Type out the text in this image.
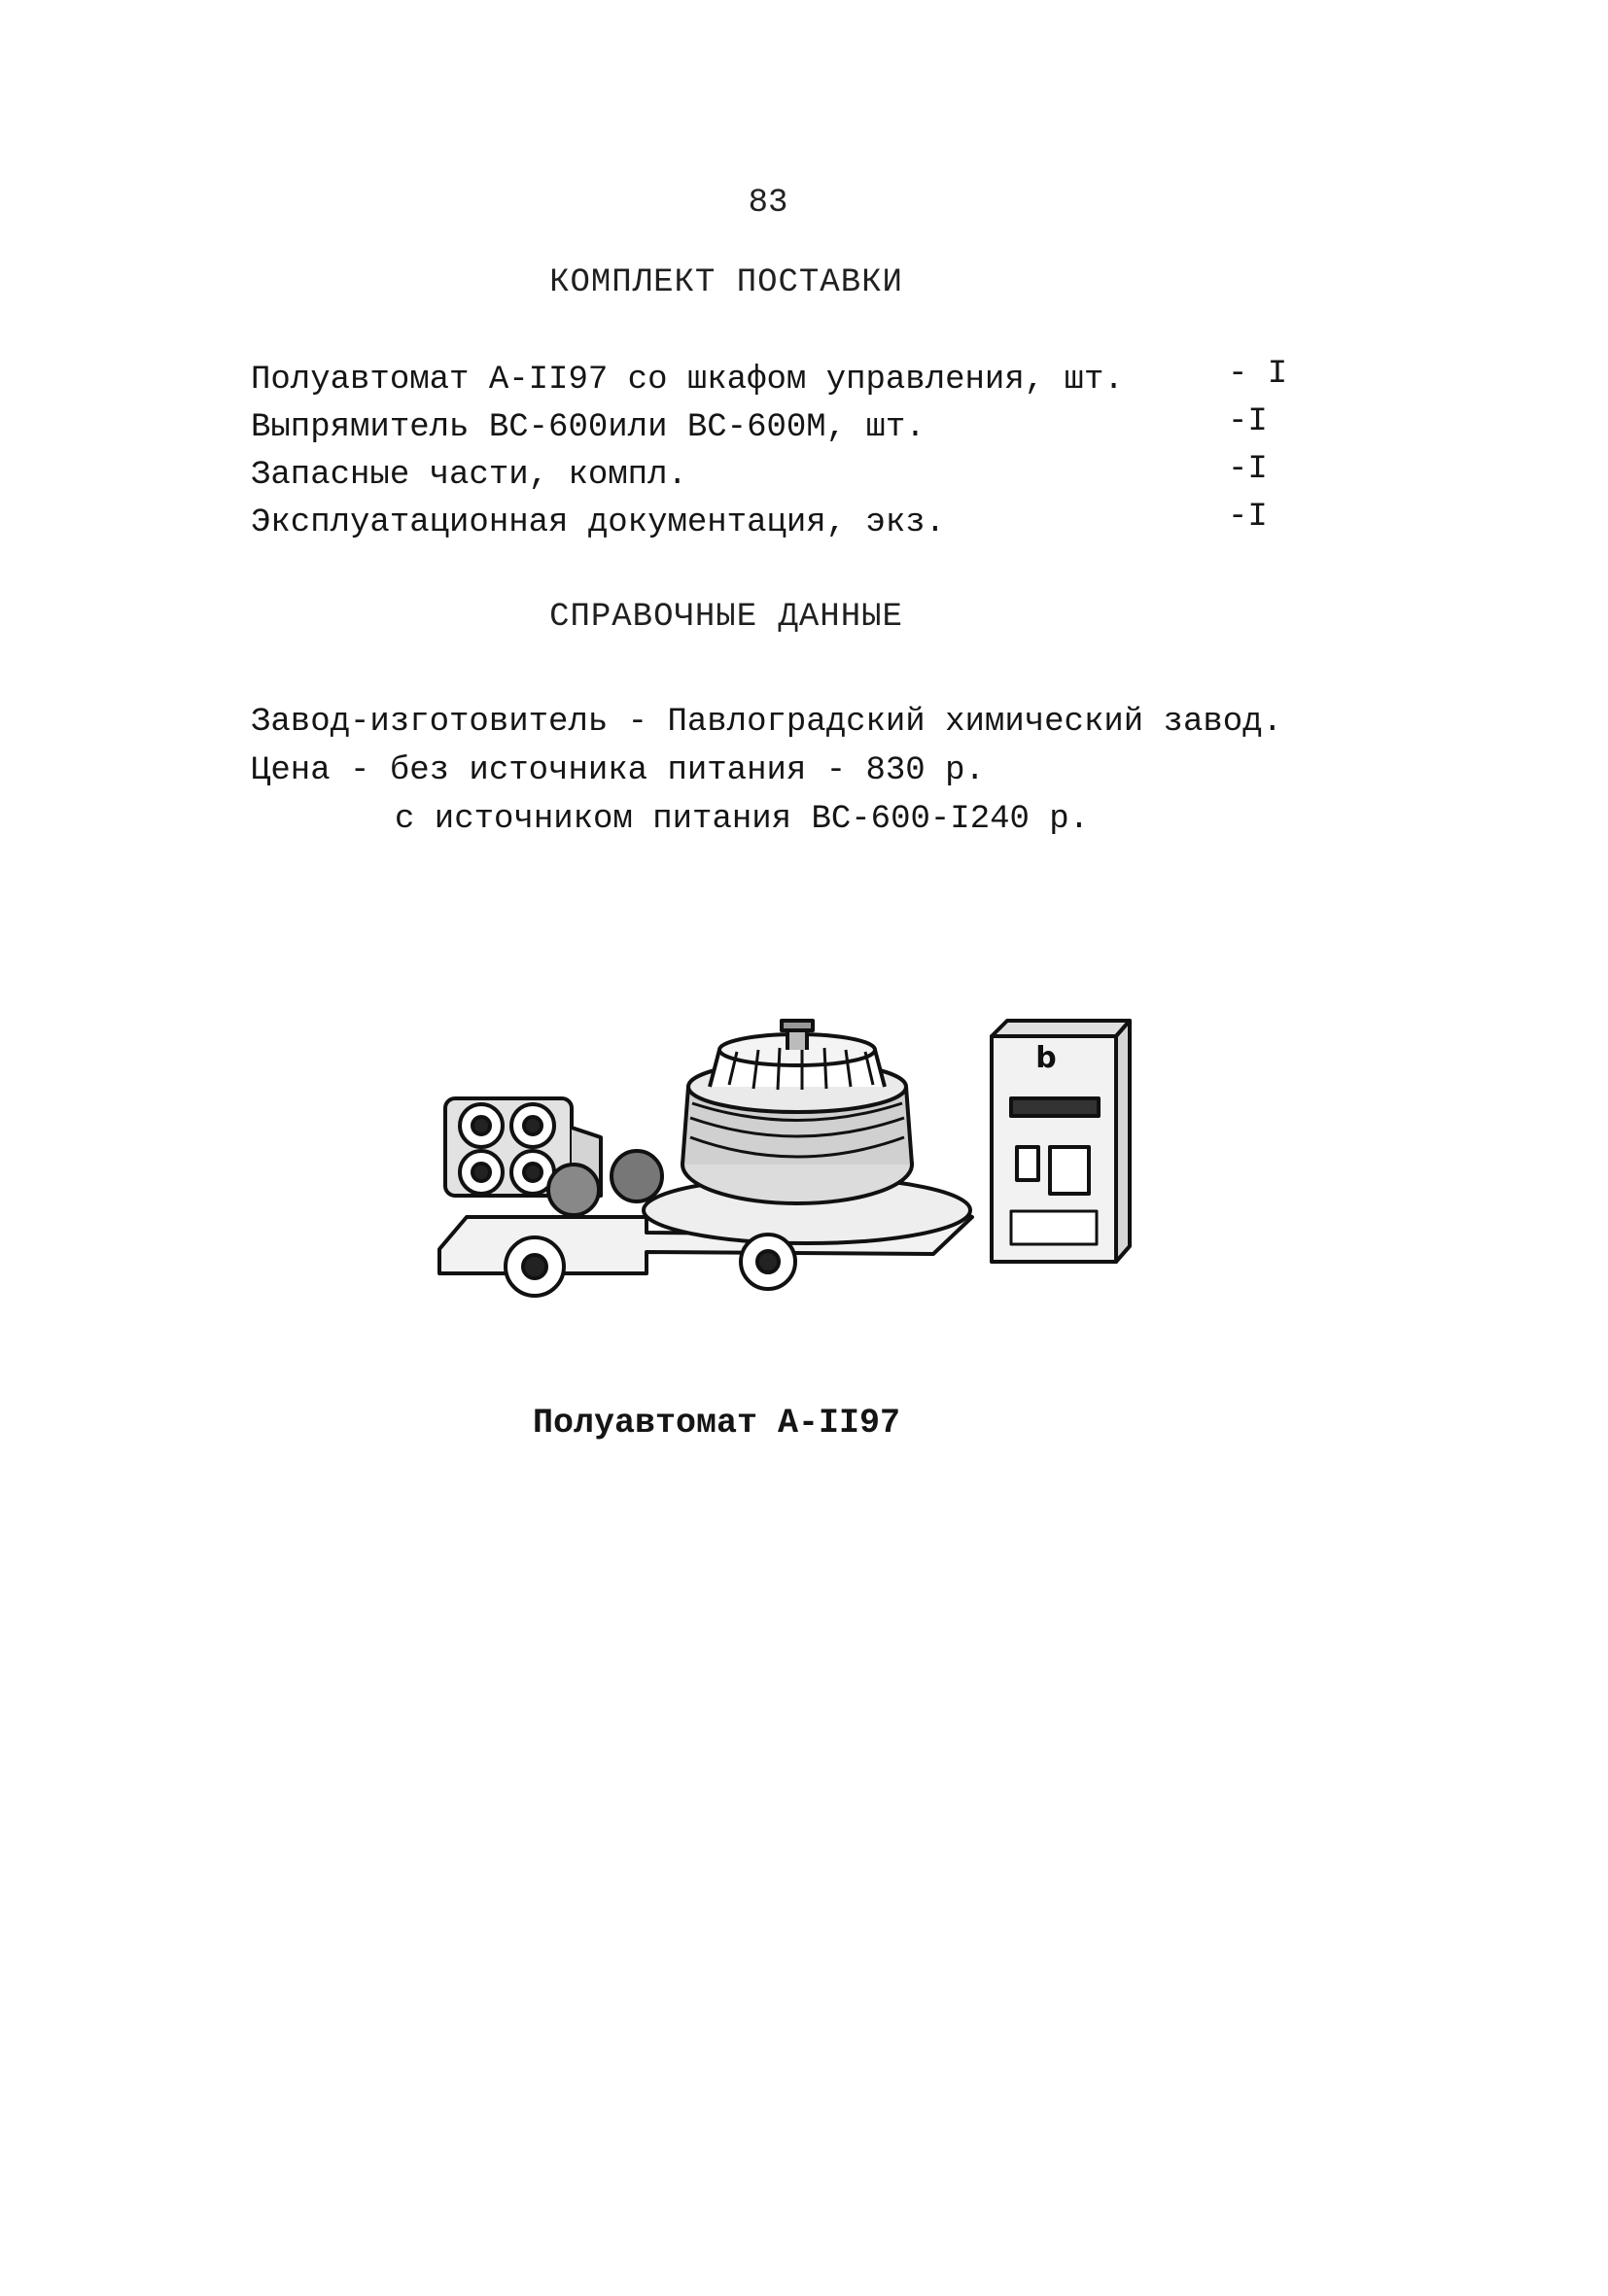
83
КОМПЛЕКТ ПОСТАВКИ
Полуавтомат А-II97 со шкафом управления, шт.	- I
Выпрямитель ВС-600или ВС-600М, шт.	-I
Запасные части, компл.	-I
Эксплуатационная документация, экз.	-I
СПРАВОЧНЫЕ ДАННЫЕ
Завод-изготовитель - Павлоградский химический завод.
Цена - без источника питания - 830 р.
с источником питания ВС-600-I240 р.
b
Полуавтомат А-II97
